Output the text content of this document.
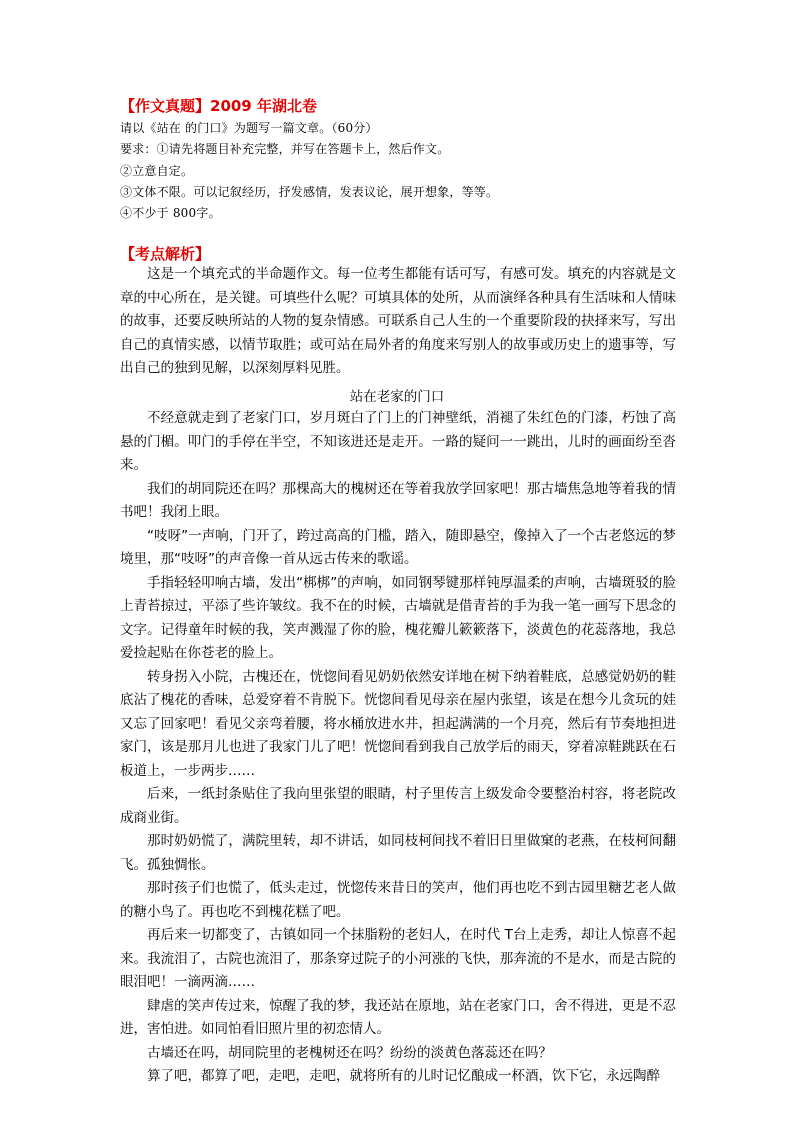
【作文真题】2009 年湖北卷
请以《站在 的门口》为题写一篇文章。（60分）
要求：①请先将题目补充完整，并写在答题卡上，然后作文。
②立意自定。
③文体不限。可以记叙经历，抒发感情，发表议论，展开想象，等等。
④不少于 800字。
【考点解析】
这是一个填充式的半命题作文。每一位考生都能有话可写，有感可发。填充的内容就是文章的中心所在，是关键。可填些什么呢？可填具体的处所，从而演绎各种具有生活味和人情味的故事，还要反映所站的人物的复杂情感。可联系自己人生的一个重要阶段的抉择来写，写出自己的真情实感，以情节取胜；或可站在局外者的角度来写别人的故事或历史上的遗事等，写出自己的独到见解，以深刻厚料见胜。
站在老家的门口

不经意就走到了老家门口，岁月斑白了门上的门神壁纸，消褪了朱红色的门漆，朽蚀了高悬的门楣。叩门的手停在半空，不知该进还是走开。一路的疑问一一跳出，儿时的画面纷至沓来。

我们的胡同院还在吗？那棵高大的槐树还在等着我放学回家吧！那古墙焦急地等着我的情书吧！我闭上眼。

“吱呀”一声响，门开了，跨过高高的门槛，踏入，随即悬空，像掉入了一个古老悠远的梦境里，那“吱呀”的声音像一首从远古传来的歌谣。

手指轻轻叩响古墙，发出“梆梆”的声响，如同钢琴键那样钝厚温柔的声响，古墙斑驳的脸上青苔掠过，平添了些许皱纹。我不在的时候，古墙就是借青苔的手为我一笔一画写下思念的文字。记得童年时候的我，笑声溅湿了你的脸，槐花瓣儿簌簌落下，淡黄色的花蕊落地，我总爱捡起贴在你苍老的脸上。

转身拐入小院，古槐还在，恍惚间看见奶奶依然安详地在树下纳着鞋底，总感觉奶奶的鞋底沾了槐花的香味，总爱穿着不肯脱下。恍惚间看见母亲在屋内张望，该是在想今儿贪玩的娃又忘了回家吧！看见父亲弯着腰，将水桶放进水井，担起满满的一个月亮，然后有节奏地担进家门，该是那月儿也进了我家门儿了吧！恍惚间看到我自己放学后的雨天，穿着凉鞋跳跃在石板道上，一步两步……

后来，一纸封条贴住了我向里张望的眼睛，村子里传言上级发命令要整治村容，将老院改成商业街。

那时奶奶慌了，满院里转，却不讲话，如同枝柯间找不着旧日里做窠的老燕，在枝柯间翻飞。孤独惆怅。

那时孩子们也慌了，低头走过，恍惚传来昔日的笑声，他们再也吃不到古园里糖艺老人做的糖小鸟了。再也吃不到槐花糕了吧。

再后来一切都变了，古镇如同一个抹脂粉的老妇人，在时代 T台上走秀，却让人惊喜不起来。我流泪了，古院也流泪了，那条穿过院子的小河涨的飞快，那奔流的不是水，而是古院的眼泪吧！一滴两滴……

肆虐的笑声传过来，惊醒了我的梦，我还站在原地，站在老家门口，舍不得进，更是不忍进，害怕进。如同怕看旧照片里的初恋情人。

古墙还在吗，胡同院里的老槐树还在吗？纷纷的淡黄色落蕊还在吗？

算了吧，都算了吧，走吧，走吧，就将所有的儿时记忆酿成一杯酒，饮下它，永远陶醉
